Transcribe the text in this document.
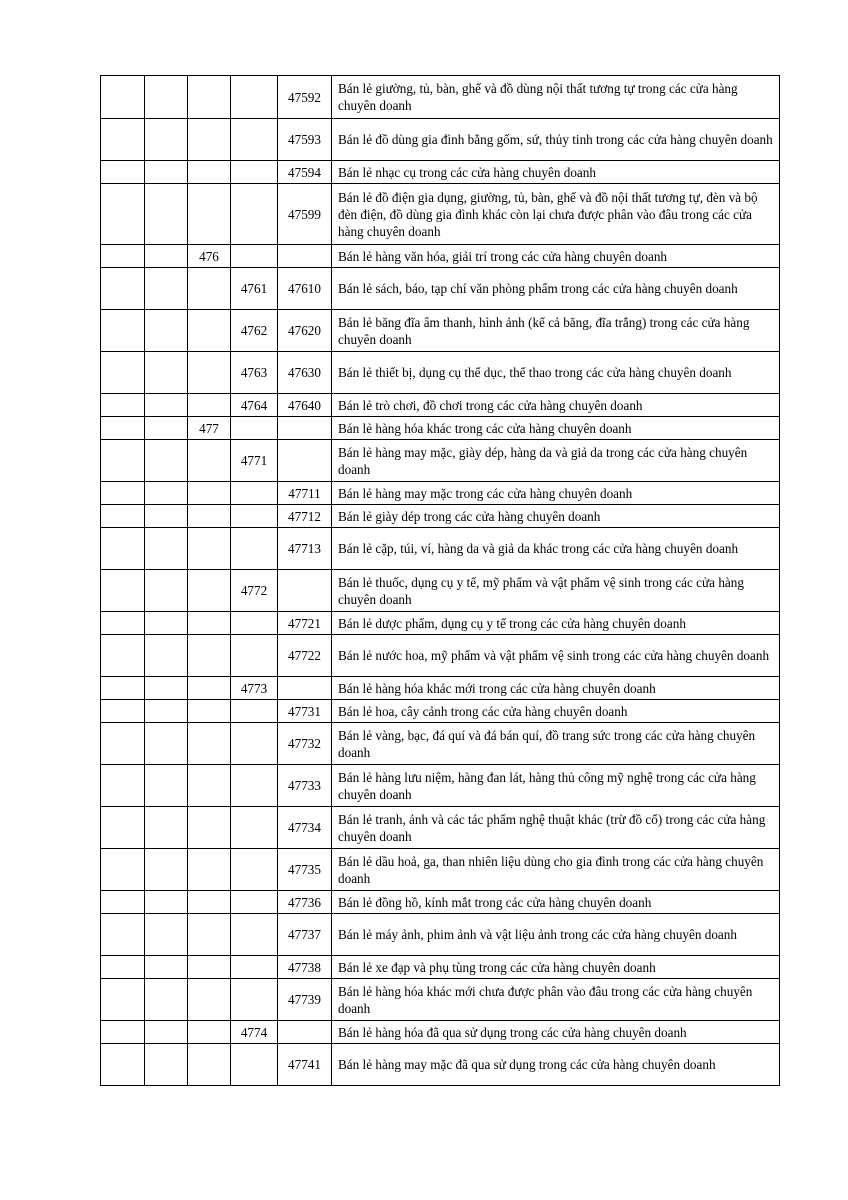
				47592	Bán lẻ giường, tủ, bàn, ghế và đồ dùng nội thất tương tự trong các cửa hàng chuyên doanh
				47593	Bán lẻ đồ dùng gia đình bằng gốm, sứ, thủy tinh trong các cửa hàng chuyên doanh
				47594	Bán lẻ nhạc cụ trong các cửa hàng chuyên doanh
				47599	Bán lẻ đồ điện gia dụng, giường, tủ, bàn, ghế và đồ nội thất tương tự, đèn và bộ đèn điện, đồ dùng gia đình khác còn lại chưa được phân vào đâu trong các cửa hàng chuyên doanh
		476			Bán lẻ hàng văn hóa, giải trí trong các cửa hàng chuyên doanh
			4761	47610	Bán lẻ sách, báo, tạp chí văn phòng phẩm trong các cửa hàng chuyên doanh
			4762	47620	Bán lẻ băng đĩa âm thanh, hình ảnh (kể cả băng, đĩa trắng) trong các cửa hàng chuyên doanh
			4763	47630	Bán lẻ thiết bị, dụng cụ thể dục, thể thao trong các cửa hàng chuyên doanh
			4764	47640	Bán lẻ trò chơi, đồ chơi trong các cửa hàng chuyên doanh
		477			Bán lẻ hàng hóa khác trong các cửa hàng chuyên doanh
			4771		Bán lẻ hàng may mặc, giày dép, hàng da và giả da trong các cửa hàng chuyên doanh
				47711	Bán lẻ hàng may mặc trong các cửa hàng chuyên doanh
				47712	Bán lẻ giày dép trong các cửa hàng chuyên doanh
				47713	Bán lẻ cặp, túi, ví, hàng da và giả da khác trong các cửa hàng chuyên doanh
			4772		Bán lẻ thuốc, dụng cụ y tế, mỹ phẩm và vật phẩm vệ sinh trong các cửa hàng chuyên doanh
				47721	Bán lẻ dược phẩm, dụng cụ y tế trong các cửa hàng chuyên doanh
				47722	Bán lẻ nước hoa, mỹ phẩm và vật phẩm vệ sinh trong các cửa hàng chuyên doanh
			4773		Bán lẻ hàng hóa khác mới trong các cửa hàng chuyên doanh
				47731	Bán lẻ hoa, cây cảnh trong các cửa hàng chuyên doanh
				47732	Bán lẻ vàng, bạc, đá quí và đá bán quí, đồ trang sức trong các cửa hàng chuyên doanh
				47733	Bán lẻ hàng lưu niệm, hàng đan lát, hàng thủ công mỹ nghệ trong các cửa hàng chuyên doanh
				47734	Bán lẻ tranh, ảnh và các tác phẩm nghệ thuật khác (trừ đồ cổ) trong các cửa hàng chuyên doanh
				47735	Bán lẻ dầu hoả, ga, than nhiên liệu dùng cho gia đình trong các cửa hàng chuyên doanh
				47736	Bán lẻ đồng hồ, kính mắt trong các cửa hàng chuyên doanh
				47737	Bán lẻ máy ảnh, phim ảnh và vật liệu ảnh trong các cửa hàng chuyên doanh
				47738	Bán lẻ xe đạp và phụ tùng trong các cửa hàng chuyên doanh
				47739	Bán lẻ hàng hóa khác mới chưa được phân vào đâu trong các cửa hàng chuyên doanh
			4774		Bán lẻ hàng hóa đã qua sử dụng trong các cửa hàng chuyên doanh
				47741	Bán lẻ hàng may mặc đã qua sử dụng trong các cửa hàng chuyên doanh
